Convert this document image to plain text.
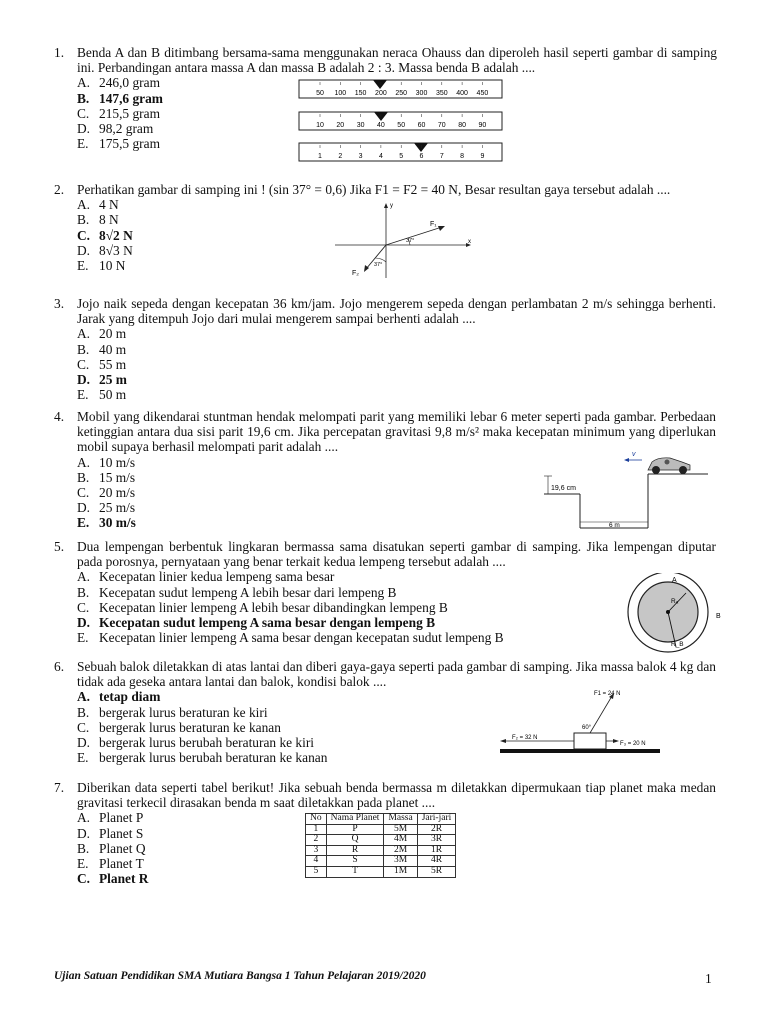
1. Benda A dan B ditimbang bersama-sama menggunakan neraca Ohauss dan diperoleh hasil seperti gambar di samping ini. Perbandingan antara massa A dan massa B adalah 2 : 3. Massa benda B adalah ....
A. 246,0 gram
B. 147,6 gram
C. 215,5 gram
D. 98,2 gram
E. 175,5 gram
2. Perhatikan gambar di samping ini ! (sin 37° = 0,6) Jika F1 = F2 = 40 N, Besar resultan gaya tersebut adalah ....
A. 4 N
B. 8 N
C. 8√2 N
D. 8√3 N
E. 10 N
3. Jojo naik sepeda dengan kecepatan 36 km/jam. Jojo mengerem sepeda dengan perlambatan 2 m/s sehingga berhenti. Jarak yang ditempuh Jojo dari mulai mengerem sampai berhenti adalah ....
A. 20 m
B. 40 m
C. 55 m
D. 25 m
E. 50 m
4. Mobil yang dikendarai stuntman hendak melompati parit yang memiliki lebar 6 meter seperti pada gambar. Perbedaan ketinggian antara dua sisi parit 19,6 cm. Jika percepatan gravitasi 9,8 m/s² maka kecepatan minimum yang diperlukan mobil supaya berhasil melompati parit adalah ....
A. 10 m/s
B. 15 m/s
C. 20 m/s
D. 25 m/s
E. 30 m/s
5. Dua lempengan berbentuk lingkaran bermassa sama disatukan seperti gambar di samping. Jika lempengan diputar pada porosnya, pernyataan yang benar terkait kedua lempeng tersebut adalah ....
A. Kecepatan linier kedua lempeng sama besar
B. Kecepatan sudut lempeng A lebih besar dari lempeng B
C. Kecepatan linier lempeng A lebih besar dibandingkan lempeng B
D. Kecepatan sudut lempeng A sama besar dengan lempeng B
E. Kecepatan linier lempeng A sama besar dengan kecepatan sudut lempeng B
6. Sebuah balok diletakkan di atas lantai dan diberi gaya-gaya seperti pada gambar di samping. Jika massa balok 4 kg dan tidak ada geseka antara lantai dan balok, kondisi balok ....
A. tetap diam
B. bergerak lurus beraturan ke kiri
C. bergerak lurus beraturan ke kanan
D. bergerak lurus berubah beraturan ke kiri
E. bergerak lurus berubah beraturan ke kanan
7. Diberikan data seperti tabel berikut! Jika sebuah benda bermassa m diletakkan dipermukaan tiap planet maka medan gravitasi terkecil dirasakan benda m saat diletakkan pada planet ....
A. Planet P
D. Planet S
B. Planet Q
E. Planet T
C. Planet R
50 100 150 200 250 300 350 400 450
10 20 30 40 50 60 70 80 90
1 2 3 4 5 6 7 8 9
y
x
F₁
F₂
37°
37°
v
19,6 cm
6 m
A
B
Rₐ
R_B
F1 = 24 N
60°
F₂ = 32 N
F₃ = 20 N
No	Nama Planet	Massa	Jari-jari
1	P	5M	2R
2	Q	4M	3R
3	R	2M	1R
4	S	3M	4R
5	T	1M	5R
Ujian Satuan Pendidikan SMA Mutiara Bangsa 1 Tahun Pelajaran 2019/2020	1
